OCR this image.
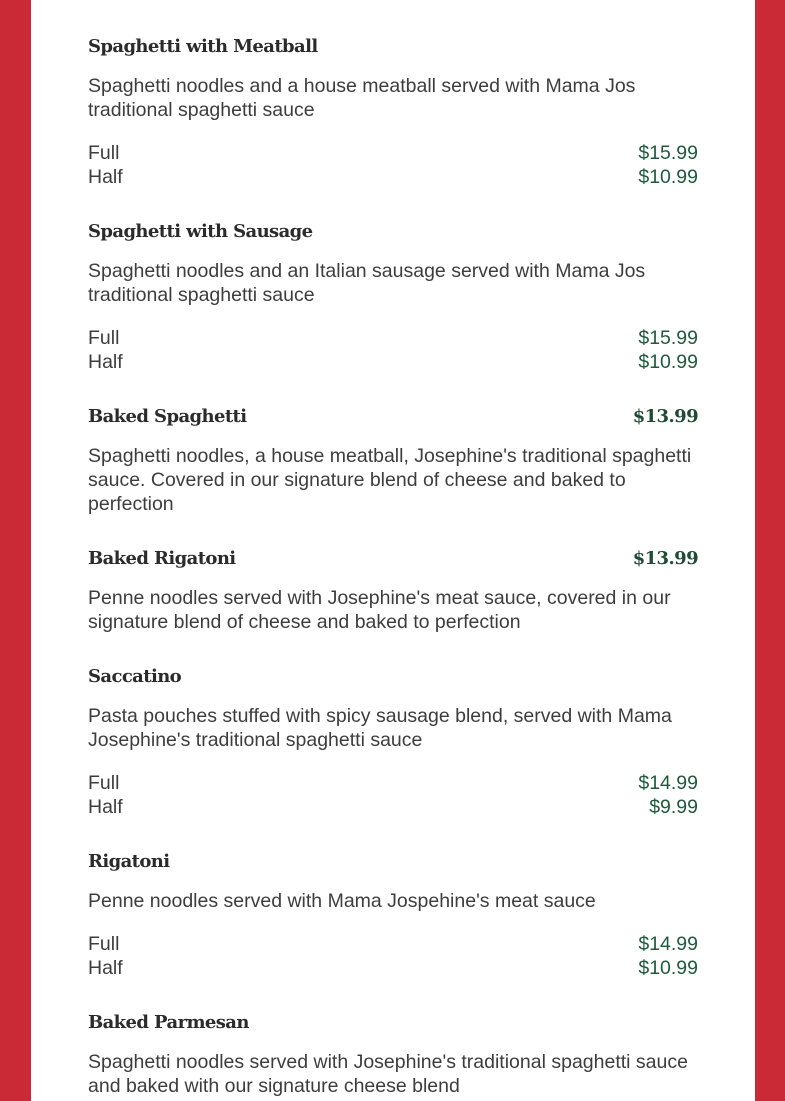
Spaghetti with Meatball
Spaghetti noodles and a house meatball served with Mama Jos traditional spaghetti sauce
Full	$15.99
Half	$10.99
Spaghetti with Sausage
Spaghetti noodles and an Italian sausage served with Mama Jos traditional spaghetti sauce
Full	$15.99
Half	$10.99
Baked Spaghetti	$13.99
Spaghetti noodles, a house meatball, Josephine's traditional spaghetti sauce. Covered in our signature blend of cheese and baked to perfection
Baked Rigatoni	$13.99
Penne noodles served with Josephine's meat sauce, covered in our signature blend of cheese and baked to perfection
Saccatino
Pasta pouches stuffed with spicy sausage blend, served with Mama Josephine's traditional spaghetti sauce
Full	$14.99
Half	$9.99
Rigatoni
Penne noodles served with Mama Jospehine's meat sauce
Full	$14.99
Half	$10.99
Baked Parmesan
Spaghetti noodles served with Josephine's traditional spaghetti sauce and baked with our signature cheese blend
